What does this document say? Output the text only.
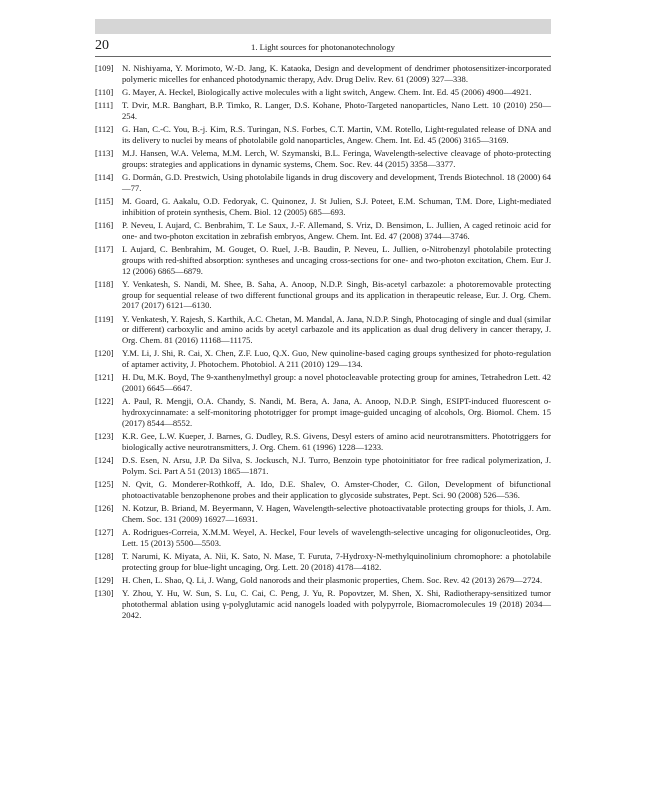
20	1. Light sources for photonanotechnology
[109] N. Nishiyama, Y. Morimoto, W.-D. Jang, K. Kataoka, Design and development of dendrimer photosensitizer-incorporated polymeric micelles for enhanced photodynamic therapy, Adv. Drug Deliv. Rev. 61 (2009) 327—338.
[110] G. Mayer, A. Heckel, Biologically active molecules with a light switch, Angew. Chem. Int. Ed. 45 (2006) 4900—4921.
[111] T. Dvir, M.R. Banghart, B.P. Timko, R. Langer, D.S. Kohane, Photo-Targeted nanoparticles, Nano Lett. 10 (2010) 250—254.
[112] G. Han, C.-C. You, B.-j. Kim, R.S. Turingan, N.S. Forbes, C.T. Martin, V.M. Rotello, Light-regulated release of DNA and its delivery to nuclei by means of photolabile gold nanoparticles, Angew. Chem. Int. Ed. 45 (2006) 3165—3169.
[113] M.J. Hansen, W.A. Velema, M.M. Lerch, W. Szymanski, B.L. Feringa, Wavelength-selective cleavage of photo-protecting groups: strategies and applications in dynamic systems, Chem. Soc. Rev. 44 (2015) 3358—3377.
[114] G. Dormán, G.D. Prestwich, Using photolabile ligands in drug discovery and development, Trends Biotechnol. 18 (2000) 64—77.
[115] M. Goard, G. Aakalu, O.D. Fedoryak, C. Quinonez, J. St Julien, S.J. Poteet, E.M. Schuman, T.M. Dore, Light-mediated inhibition of protein synthesis, Chem. Biol. 12 (2005) 685—693.
[116] P. Neveu, I. Aujard, C. Benbrahim, T. Le Saux, J.-F. Allemand, S. Vriz, D. Bensimon, L. Jullien, A caged retinoic acid for one- and two-photon excitation in zebrafish embryos, Angew. Chem. Int. Ed. 47 (2008) 3744—3746.
[117] I. Aujard, C. Benbrahim, M. Gouget, O. Ruel, J.-B. Baudin, P. Neveu, L. Jullien, o-Nitrobenzyl photolabile protecting groups with red-shifted absorption: syntheses and uncaging cross-sections for one- and two-photon excitation, Chem. Eur J. 12 (2006) 6865—6879.
[118] Y. Venkatesh, S. Nandi, M. Shee, B. Saha, A. Anoop, N.D.P. Singh, Bis-acetyl carbazole: a photoremovable protecting group for sequential release of two different functional groups and its application in therapeutic release, Eur. J. Org. Chem. 2017 (2017) 6121—6130.
[119] Y. Venkatesh, Y. Rajesh, S. Karthik, A.C. Chetan, M. Mandal, A. Jana, N.D.P. Singh, Photocaging of single and dual (similar or different) carboxylic and amino acids by acetyl carbazole and its application as dual drug delivery in cancer therapy, J. Org. Chem. 81 (2016) 11168—11175.
[120] Y.M. Li, J. Shi, R. Cai, X. Chen, Z.F. Luo, Q.X. Guo, New quinoline-based caging groups synthesized for photo-regulation of aptamer activity, J. Photochem. Photobiol. A 211 (2010) 129—134.
[121] H. Du, M.K. Boyd, The 9-xanthenylmethyl group: a novel photocleavable protecting group for amines, Tetrahedron Lett. 42 (2001) 6645—6647.
[122] A. Paul, R. Mengji, O.A. Chandy, S. Nandi, M. Bera, A. Jana, A. Anoop, N.D.P. Singh, ESIPT-induced fluorescent o-hydroxycinnamate: a self-monitoring phototrigger for prompt image-guided uncaging of alcohols, Org. Biomol. Chem. 15 (2017) 8544—8552.
[123] K.R. Gee, L.W. Kueper, J. Barnes, G. Dudley, R.S. Givens, Desyl esters of amino acid neurotransmitters. Phototriggers for biologically active neurotransmitters, J. Org. Chem. 61 (1996) 1228—1233.
[124] D.S. Esen, N. Arsu, J.P. Da Silva, S. Jockusch, N.J. Turro, Benzoin type photoinitiator for free radical polymerization, J. Polym. Sci. Part A 51 (2013) 1865—1871.
[125] N. Qvit, G. Monderer-Rothkoff, A. Ido, D.E. Shalev, O. Amster-Choder, C. Gilon, Development of bifunctional photoactivatable benzophenone probes and their application to glycoside substrates, Pept. Sci. 90 (2008) 526—536.
[126] N. Kotzur, B. Briand, M. Beyermann, V. Hagen, Wavelength-selective photoactivatable protecting groups for thiols, J. Am. Chem. Soc. 131 (2009) 16927—16931.
[127] A. Rodrigues-Correia, X.M.M. Weyel, A. Heckel, Four levels of wavelength-selective uncaging for oligonucleotides, Org. Lett. 15 (2013) 5500—5503.
[128] T. Narumi, K. Miyata, A. Nii, K. Sato, N. Mase, T. Furuta, 7-Hydroxy-N-methylquinolinium chromophore: a photolabile protecting group for blue-light uncaging, Org. Lett. 20 (2018) 4178—4182.
[129] H. Chen, L. Shao, Q. Li, J. Wang, Gold nanorods and their plasmonic properties, Chem. Soc. Rev. 42 (2013) 2679—2724.
[130] Y. Zhou, Y. Hu, W. Sun, S. Lu, C. Cai, C. Peng, J. Yu, R. Popovtzer, M. Shen, X. Shi, Radiotherapy-sensitized tumor photothermal ablation using γ-polyglutamic acid nanogels loaded with polypyrrole, Biomacromolecules 19 (2018) 2034—2042.
